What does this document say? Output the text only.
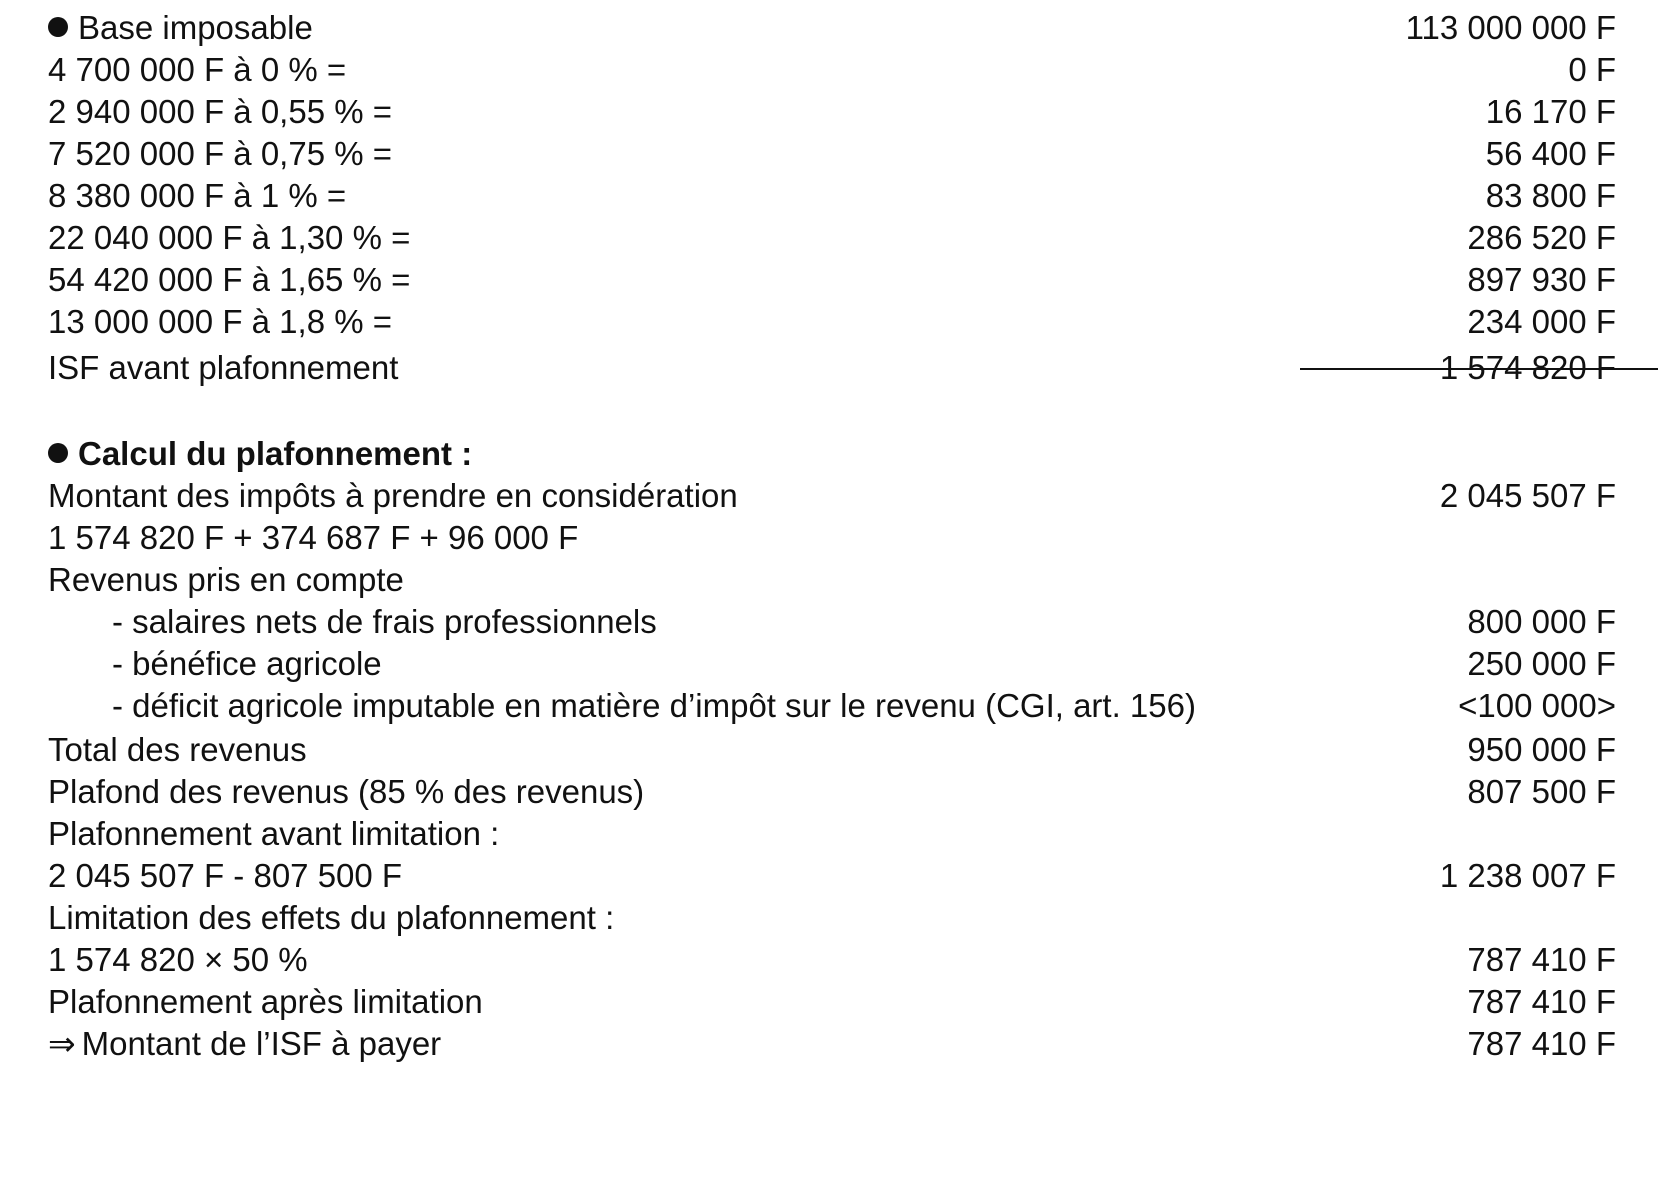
Base imposable	113 000 000 F
4 700 000 F à 0 % =	0 F
2 940 000 F à 0,55 % =	16 170 F
7 520 000 F à 0,75 % =	56 400 F
8 380 000 F à 1 % =	83 800 F
22 040 000 F à 1,30 % =	286 520 F
54 420 000 F à 1,65 % =	897 930 F
13 000 000 F à 1,8 % =	234 000 F
ISF avant plafonnement	1 574 820 F
Calcul du plafonnement :
Montant des impôts à prendre en considération	2 045 507 F
1 574 820 F + 374 687 F + 96 000 F
Revenus pris en compte
- salaires nets de frais professionnels	800 000 F
- bénéfice agricole	250 000 F
- déficit agricole imputable en matière d’impôt sur le revenu (CGI, art. 156)	<100 000>
Total des revenus	950 000 F
Plafond des revenus (85 % des revenus)	807 500 F
Plafonnement avant limitation :
2 045 507 F - 807 500 F	1 238 007 F
Limitation des effets du plafonnement :
1 574 820 × 50 %	787 410 F
Plafonnement après limitation	787 410 F
⇒ Montant de l’ISF à payer	787 410 F
